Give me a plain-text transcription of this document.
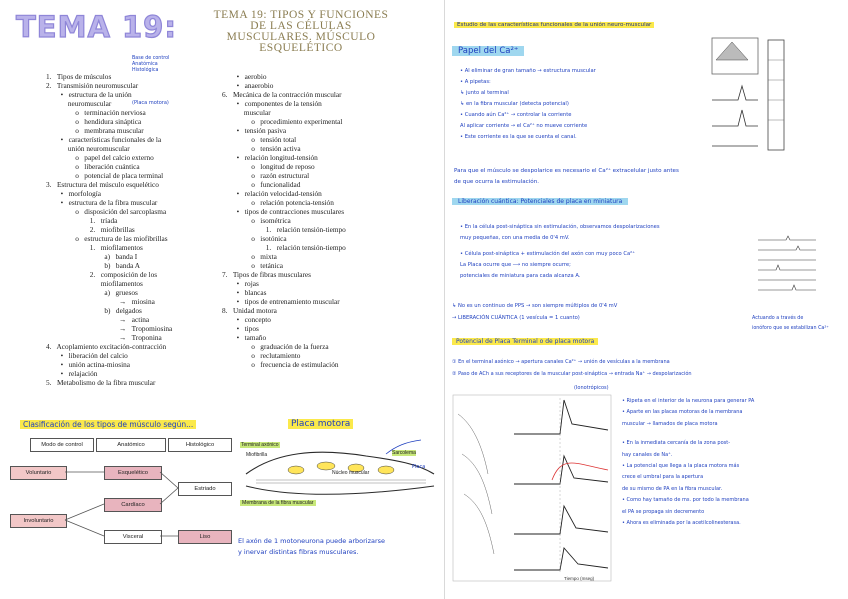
TEMA 19:	TEMA 19: TIPOS Y FUNCIONES
DE LAS CÉLULAS
MUSCULARES. MÚSCULO
ESQUELÉTICO
1.   Tipos de músculos
2.   Transmisión neuromuscular
•   estructura de la unión
neuromuscular
o   terminación nerviosa
o   hendidura sináptica
o   membrana muscular
•   características funcionales de la
unión neuromuscular
o   papel del calcio externo
o   liberación cuántica
o   potencial de placa terminal
3.   Estructura del músculo esquelético
•   morfología
•   estructura de la fibra muscular
o   disposición del sarcoplasma
1.   tríada
2.   miofibrillas
o   estructura de las miofibrillas
1.   miofilamentos
a)   banda I
b)   banda A
2.   composición de los
miofilamentos
a)   gruesos
→   miosina
b)   delgados
→   actina
→   Tropomiosina
→   Troponina
4.   Acoplamiento excitación-contracción
•   liberación del calcio
•   unión actina-miosina
•   relajación
5.   Metabolismo de la fibra muscular
•   aerobio
•   anaerobio
6.   Mecánica de la contracción muscular
•   componentes de la tensión
muscular
o   procedimiento experimental
•   tensión pasiva
o   tensión total
o   tensión activa
•   relación longitud-tensión
o   longitud de reposo
o   razón estructural
o   funcionalidad
•   relación velocidad-tensión
o   relación potencia-tensión
•   tipos de contracciones musculares
o   isométrica
1.   relación tensión-tiempo
o   isotónica
1.   relación tensión-tiempo
o   mixta
o   tetánica
7.   Tipos de fibras musculares
•   rojas
•   blancas
•   tipos de entrenamiento muscular
8.   Unidad motora
•   concepto
•   tipos
•   tamaño
o   graduación de la fuerza
o   reclutamiento
o   frecuencia de estimulación
Base de control
Anatómica
Histológica
(Placa motora)
Clasificación de los tipos de músculo según...
Modo de control	Anatómico	Histológico
Voluntario	Esquelético
Estriado
Cardíaco
Involuntario
Visceral	Liso
Placa motora
Terminal axónico
Miofibrilla
Núcleo muscular
Sarcolema
Placa
Membrana de la fibra muscular
El axón de 1 motoneurona puede arborizarse
y inervar distintas fibras musculares.
Estudio de las características funcionales de la unión neuro-muscular
Papel del Ca²⁺
• Al eliminar de gran tamaño → estructura muscular
• A pipetas:
↳ junto al terminal
↳ en la fibra muscular (detecta potencial)
• Cuando aún Ca²⁺ → controlar la corriente
Al aplicar corriente → el Ca²⁺ no mueve corriente
• Este corriente es la que se cuenta el canal.
Para que el músculo se despolarice es necesario el Ca²⁺ extracelular justo antes
de que ocurra la estimulación.
Liberación cuántica: Potenciales de placa en miniatura
• En la célula post-sináptica sin estimulación, observamos despolarizaciones
muy pequeñas, con una media de 0'4 mV.
• Célula post-sináptica + estimulación del axón con muy poco Ca²⁺
La Placa ocurre que ⟶ no siempre ocurre;
potenciales de miniatura para cada alcanza A.
↳ No es un continuo de PPS → son siempre múltiplos de 0'4 mV
→ LIBERACIÓN CUÁNTICA (1 vesícula = 1 cuanto)	Actuando a través de
ionóforo que se estabilizan Ca²⁺
Potencial de Placa Terminal o de placa motora
① En el terminal axónico → apertura canales Ca²⁺ → unión de vesículas a la membrana
② Paso de ACh a sus receptores de la muscular post-sináptica → entrada Na⁺ → despolarización
(Ionotrópicos)
Tiempo (mseg)
• Ripeta en el interior de la neurona para generar PA
• Aparte en las placas motoras de la membrana
muscular → llamados de placa motora
• En la inmediata cercanía de la zona post-
hay canales de Na⁺.
• La potencial que llega a la placa motora más
crece el umbral para la apertura
de su mismo de PA en la fibra muscular.
• Como hay tamaño de ms. por todo la membrana
el PA se propaga sin decremento
• Ahora es eliminada por la acetilcolinesterasa.
